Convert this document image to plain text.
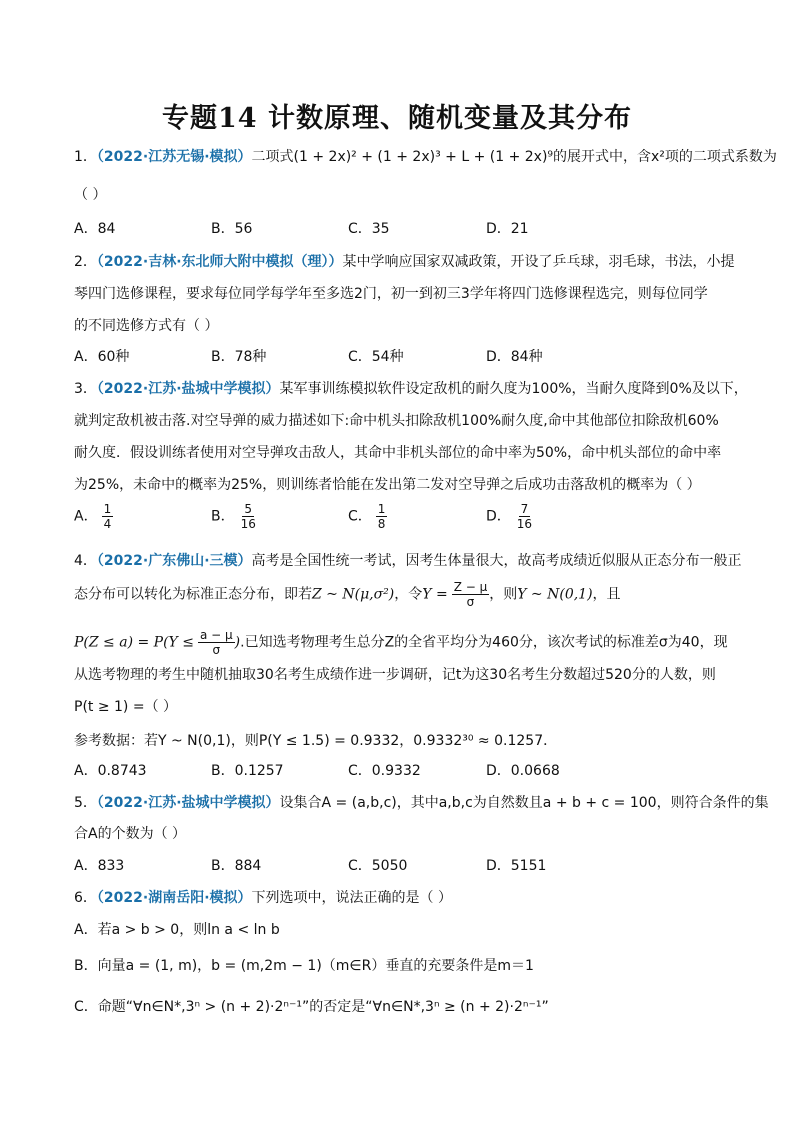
专题14 计数原理、随机变量及其分布
1．（2022·江苏无锡·模拟）二项式(1 + 2x)² + (1 + 2x)³ + L + (1 + 2x)⁹的展开式中，含x²项的二项式系数为
（ ）
A．84	B．56	C．35	D．21
2．（2022·吉林·东北师大附中模拟（理））某中学响应国家双减政策，开设了乒乓球，羽毛球，书法，小提
琴四门选修课程，要求每位同学每学年至多选2门，初一到初三3学年将四门选修课程选完，则每位同学
的不同选修方式有（ ）
A．60种	B．78种	C．54种	D．84种
3．（2022·江苏·盐城中学模拟）某军事训练模拟软件设定敌机的耐久度为100%，当耐久度降到0%及以下，
就判定敌机被击落.对空导弹的威力描述如下:命中机头扣除敌机100%耐久度,命中其他部位扣除敌机60%
耐久度．假设训练者使用对空导弹攻击敌人，其命中非机头部位的命中率为50%，命中机头部位的命中率
为25%，未命中的概率为25%，则训练者恰能在发出第二发对空导弹之后成功击落敌机的概率为（ ）
A． $\frac{1}{4}$	B． $\frac{5}{16}$	C． $\frac{1}{8}$	D． $\frac{7}{16}$
4．（2022·广东佛山·三模）高考是全国性统一考试，因考生体量很大，故高考成绩近似服从正态分布一般正
态分布可以转化为标准正态分布，即若Z ~ N(μ,σ²)，令$Y = \frac{Z - \mu}{\sigma}$ ，则Y ~ N(0,1)，且
$P(Z \le a) = P(Y \le \frac{a - \mu}{\sigma}$ ).已知选考物理考生总分Z的全省平均分为460分，该次考试的标准差σ为40，现
从选考物理的考生中随机抽取30名考生成绩作进一步调研，记t为这30名考生分数超过520分的人数，则
P(t ≥ 1) =（ ）
参考数据：若Y ~ N(0,1)，则P(Y ≤ 1.5) = 0.9332，0.9332³⁰ ≈ 0.1257．
A．0.8743	B．0.1257	C．0.9332	D．0.0668
5．（2022·江苏·盐城中学模拟）设集合A = (a,b,c)，其中a,b,c为自然数且a + b + c = 100，则符合条件的集
合A的个数为（ ）
A．833	B．884	C．5050	D．5151
6．（2022·湖南岳阳·模拟）下列选项中，说法正确的是（ ）
A．若a > b > 0，则ln a < ln b
B．向量a = (1, m)，b = (m,2m − 1)（m∈R）垂直的充要条件是m＝1
C．命题“∀n∈N*,3ⁿ > (n + 2)·2ⁿ⁻¹”的否定是“∀n∈N*,3ⁿ ≥ (n + 2)·2ⁿ⁻¹”
